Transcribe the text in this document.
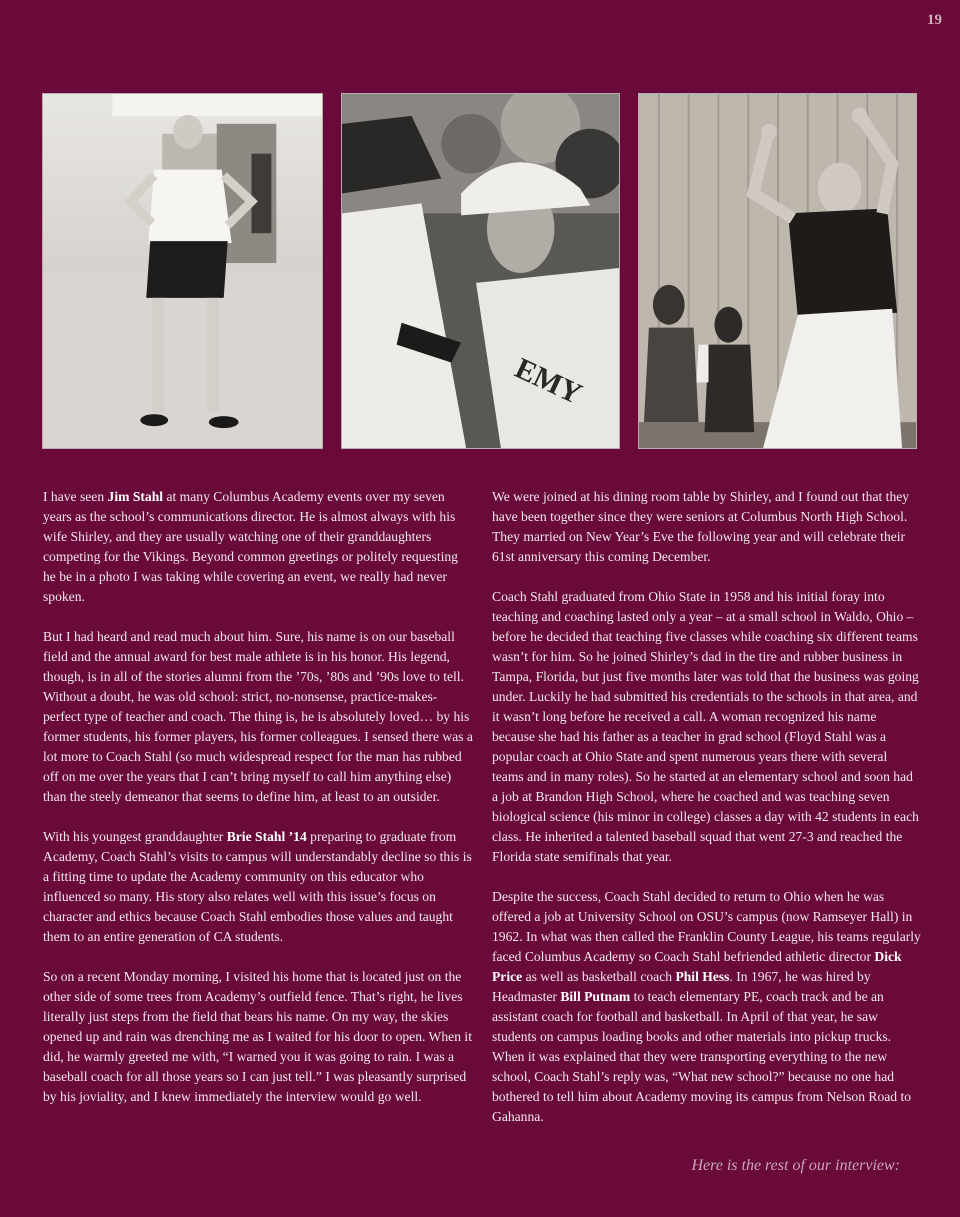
19
EMY

I have seen Jim Stahl at many Columbus Academy events over my seven years as the school’s communications director. He is almost always with his wife Shirley, and they are usually watching one of their granddaughters competing for the Vikings. Beyond common greetings or politely requesting he be in a photo I was taking while covering an event, we really had never spoken.

But I had heard and read much about him. Sure, his name is on our baseball field and the annual award for best male athlete is in his honor. His legend, though, is in all of the stories alumni from the ’70s, ’80s and ’90s love to tell. Without a doubt, he was old school: strict, no-nonsense, practice-makes-perfect type of teacher and coach. The thing is, he is absolutely loved… by his former students, his former players, his former colleagues. I sensed there was a lot more to Coach Stahl (so much widespread respect for the man has rubbed off on me over the years that I can’t bring myself to call him anything else) than the steely demeanor that seems to define him, at least to an outsider.

With his youngest granddaughter Brie Stahl ’14 preparing to graduate from Academy, Coach Stahl’s visits to campus will understandably decline so this is a fitting time to update the Academy community on this educator who influenced so many. His story also relates well with this issue’s focus on character and ethics because Coach Stahl embodies those values and taught them to an entire generation of CA students.

So on a recent Monday morning, I visited his home that is located just on the other side of some trees from Academy’s outfield fence. That’s right, he lives literally just steps from the field that bears his name. On my way, the skies opened up and rain was drenching me as I waited for his door to open. When it did, he warmly greeted me with, “I warned you it was going to rain. I was a baseball coach for all those years so I can just tell.” I was pleasantly surprised by his joviality, and I knew immediately the interview would go well.

We were joined at his dining room table by Shirley, and I found out that they have been together since they were seniors at Columbus North High School. They married on New Year’s Eve the following year and will celebrate their 61st anniversary this coming December.

Coach Stahl graduated from Ohio State in 1958 and his initial foray into teaching and coaching lasted only a year – at a small school in Waldo, Ohio – before he decided that teaching five classes while coaching six different teams wasn’t for him. So he joined Shirley’s dad in the tire and rubber business in Tampa, Florida, but just five months later was told that the business was going under. Luckily he had submitted his credentials to the schools in that area, and it wasn’t long before he received a call. A woman recognized his name because she had his father as a teacher in grad school (Floyd Stahl was a popular coach at Ohio State and spent numerous years there with several teams and in many roles). So he started at an elementary school and soon had a job at Brandon High School, where he coached and was teaching seven biological science (his minor in college) classes a day with 42 students in each class. He inherited a talented baseball squad that went 27-3 and reached the Florida state semifinals that year.

Despite the success, Coach Stahl decided to return to Ohio when he was offered a job at University School on OSU’s campus (now Ramseyer Hall) in 1962. In what was then called the Franklin County League, his teams regularly faced Columbus Academy so Coach Stahl befriended athletic director Dick Price as well as basketball coach Phil Hess. In 1967, he was hired by Headmaster Bill Putnam to teach elementary PE, coach track and be an assistant coach for football and basketball. In April of that year, he saw students on campus loading books and other materials into pickup trucks. When it was explained that they were transporting everything to the new school, Coach Stahl’s reply was, “What new school?” because no one had bothered to tell him about Academy moving its campus from Nelson Road to Gahanna.

Here is the rest of our interview:
